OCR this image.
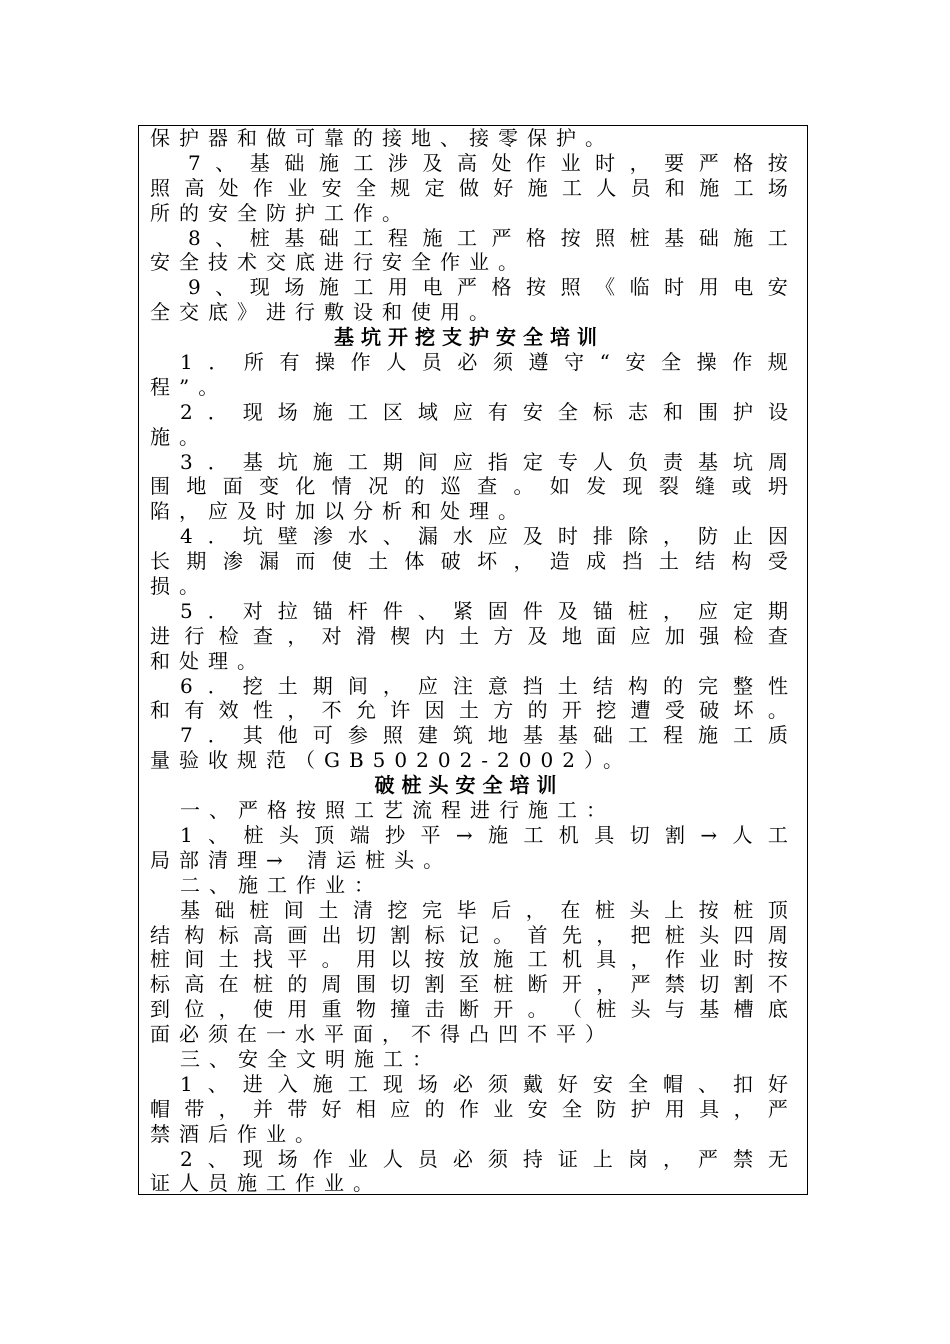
保护器和做可靠的接地、接零保护。
7 、 基 础 施 工 涉 及 高 处 作 业 时 ， 要 严 格 按
照 高 处 作 业 安 全 规 定 做 好 施 工 人 员 和 施 工 场
所的安全防护工作。
8 、 桩 基 础 工 程 施 工 严 格 按 照 桩 基 础 施 工
安全技术交底进行安全作业。
9 、 现 场 施 工 用 电 严 格 按 照 《 临 时 用 电 安
全交底》进行敷设和使用。
基坑开挖支护安全培训
1 ． 所 有 操 作 人 员 必 须 遵 守 “ 安 全 操 作 规
程”。
2 ． 现 场 施 工 区 域 应 有 安 全 标 志 和 围 护 设
施。
3 ． 基 坑 施 工 期 间 应 指 定 专 人 负 责 基 坑 周
围 地 面 变 化 情 况 的 巡 查 。 如 发 现 裂 缝 或 坍
陷，应及时加以分析和处理。
4 ． 坑 壁 渗 水 、 漏 水 应 及 时 排 除 ， 防 止 因
长 期 渗 漏 而 使 土 体 破 坏 ， 造 成 挡 土 结 构 受
损。
5 ． 对 拉 锚 杆 件 、 紧 固 件 及 锚 桩 ， 应 定 期
进 行 检 查 ， 对 滑 楔 内 土 方 及 地 面 应 加 强 检 查
和处理。
6 ． 挖 土 期 间 ， 应 注 意 挡 土 结 构 的 完 整 性
和 有 效 性 ， 不 允 许 因 土 方 的 开 挖 遭 受 破 坏 。
7 ． 其 他 可 参 照 建 筑 地 基 基 础 工 程 施 工 质
量验收规范（GB50202-2002）。
破桩头安全培训
一、严格按照工艺流程进行施工：
1 、 桩 头 顶 端 抄 平 → 施 工 机 具 切 割 → 人 工
局部清理→ 清运桩头。
二、施工作业：
基 础 桩 间 土 清 挖 完 毕 后 ， 在 桩 头 上 按 桩 顶
结 构 标 高 画 出 切 割 标 记 。 首 先 ， 把 桩 头 四 周
桩 间 土 找 平 。 用 以 按 放 施 工 机 具 ， 作 业 时 按
标 高 在 桩 的 周 围 切 割 至 桩 断 开 ， 严 禁 切 割 不
到 位 ， 使 用 重 物 撞 击 断 开 。 （ 桩 头 与 基 槽 底
面必须在一水平面，不得凸凹不平）
三、安全文明施工：
1 、 进 入 施 工 现 场 必 须 戴 好 安 全 帽 、 扣 好
帽 带 ， 并 带 好 相 应 的 作 业 安 全 防 护 用 具 ， 严
禁酒后作业。
2 、 现 场 作 业 人 员 必 须 持 证 上 岗 ， 严 禁 无
证人员施工作业。
